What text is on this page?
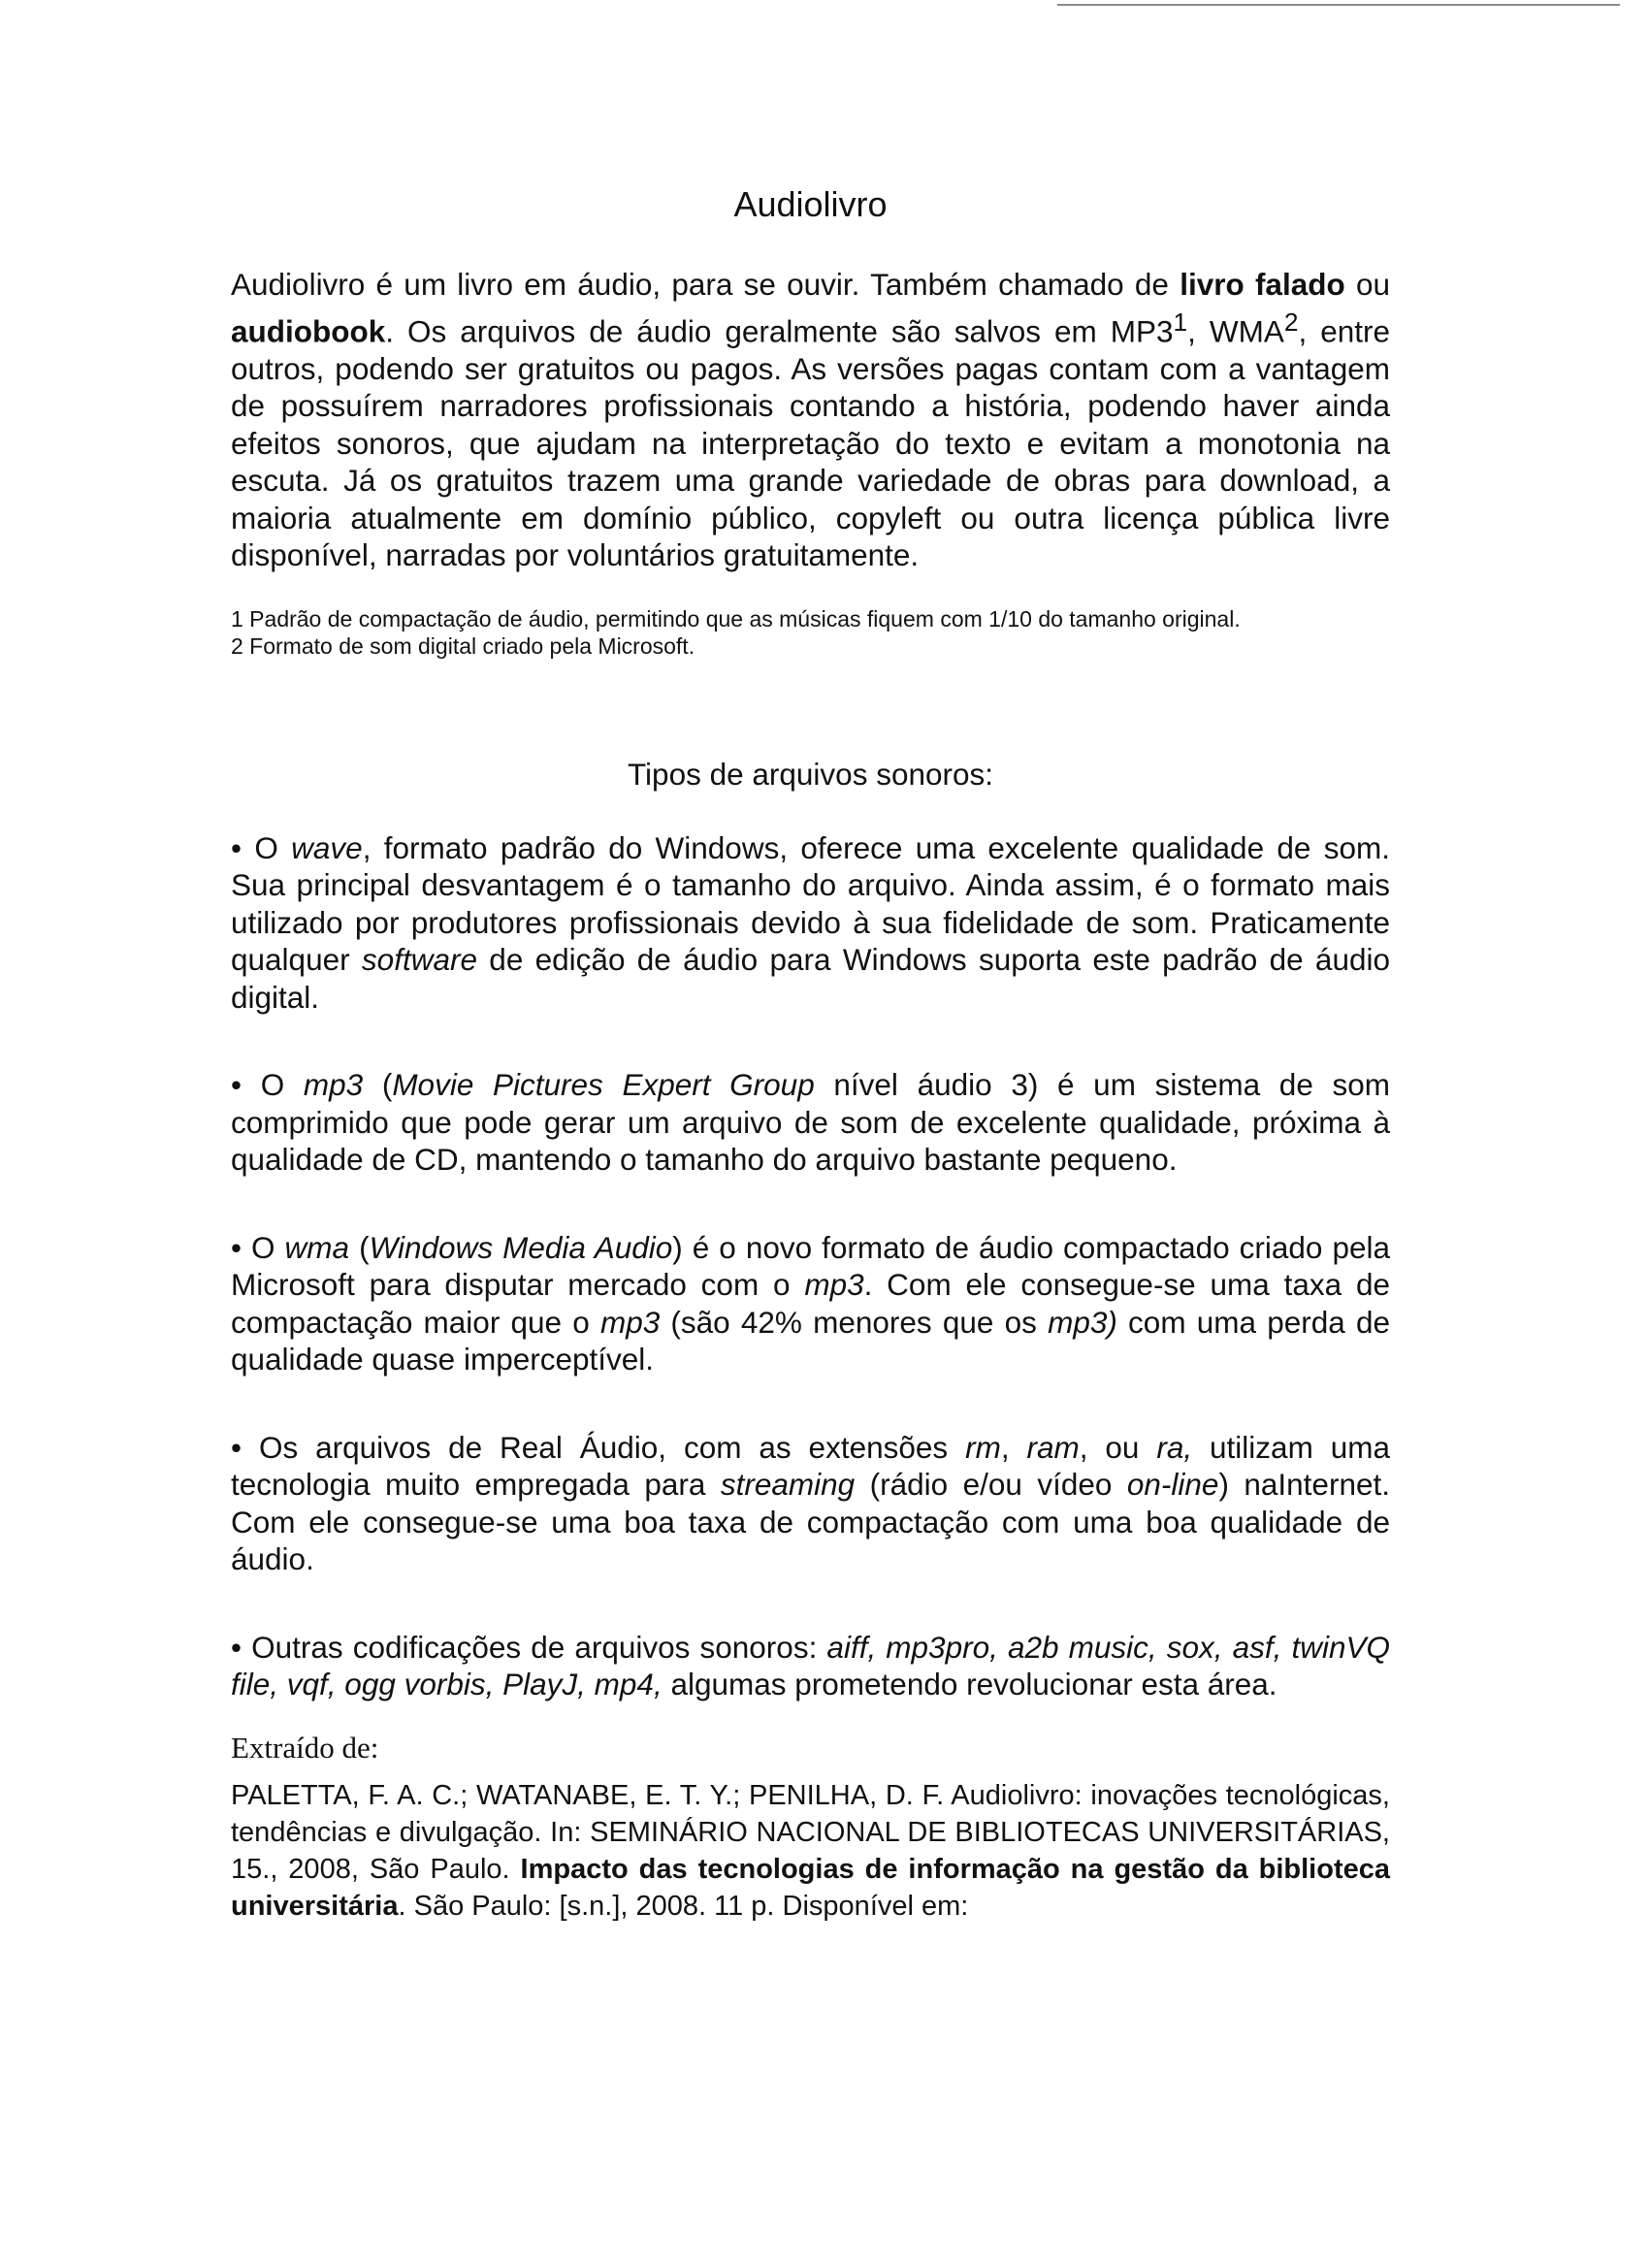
Audiolivro

Audiolivro é um livro em áudio, para se ouvir. Também chamado de livro falado ou audiobook. Os arquivos de áudio geralmente são salvos em $MP3^1$, WMA$^2$, entre outros, podendo ser gratuitos ou pagos. As versões pagas contam com a vantagem de possuírem narradores profissionais contando a história, podendo haver ainda efeitos sonoros, que ajudam na interpretação do texto e evitam a monotonia na escuta. Já os gratuitos trazem uma grande variedade de obras para download, a maioria atualmente em domínio público, copyleft ou outra licença pública livre disponível, narradas por voluntários gratuitamente.

1 Padrão de compactação de áudio, permitindo que as músicas fiquem com 1/10 do tamanho original.

2 Formato de som digital criado pela Microsoft.

Tipos de arquivos sonoros:

• O wave, formato padrão do Windows, oferece uma excelente qualidade de som. Sua principal desvantagem é o tamanho do arquivo. Ainda assim, é o formato mais utilizado por produtores profissionais devido à sua fidelidade de som. Praticamente qualquer software de edição de áudio para Windows suporta este padrão de áudio digital.

• O mp3 (Movie Pictures Expert Group nível áudio 3) é um sistema de som comprimido que pode gerar um arquivo de som de excelente qualidade, próxima à qualidade de CD, mantendo o tamanho do arquivo bastante pequeno.

• O wma (Windows Media Audio) é o novo formato de áudio compactado criado pela Microsoft para disputar mercado com o mp3. Com ele consegue-se uma taxa de compactação maior que o mp3 (são 42% menores que os mp3) com uma perda de qualidade quase imperceptível.

• Os arquivos de Real Áudio, com as extensões rm, ram, ou ra, utilizam uma tecnologia muito empregada para streaming (rádio e/ou vídeo on-line) naInternet. Com ele consegue-se uma boa taxa de compactação com uma boa qualidade de áudio.

• Outras codificações de arquivos sonoros: aiff, mp3pro, a2b music, sox, asf, twinVQ file, vqf, ogg vorbis, PlayJ, mp4, algumas prometendo revolucionar esta área.

Extraído de:

PALETTA, F. A. C.; WATANABE, E. T. Y.; PENILHA, D. F. Audiolivro: inovações tecnológicas, tendências e divulgação. In: SEMINÁRIO NACIONAL DE BIBLIOTECAS UNIVERSITÁRIAS, 15., 2008, São Paulo. Impacto das tecnologias de informação na gestão da biblioteca universitária. São Paulo: [s.n.], 2008. 11 p. Disponível em:
